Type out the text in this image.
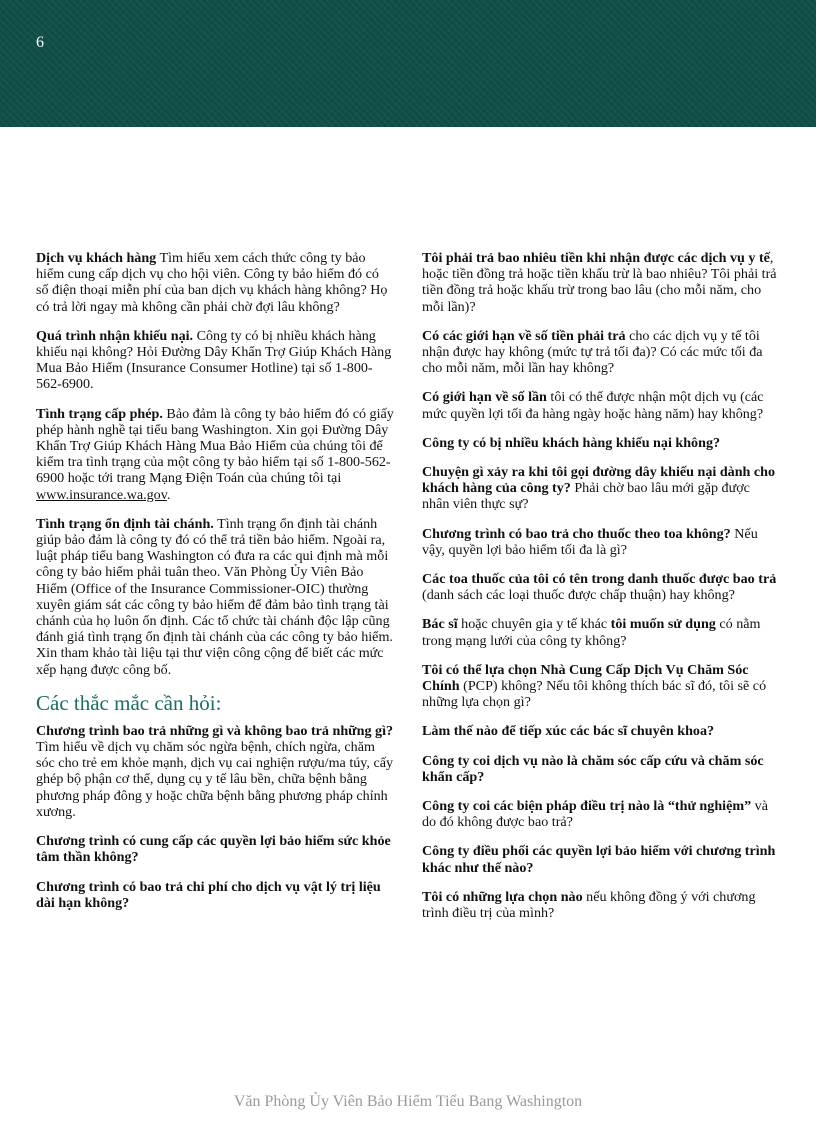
6

Dịch vụ khách hàng Tìm hiểu xem cách thức công ty bảo hiểm cung cấp dịch vụ cho hội viên. Công ty bảo hiểm đó có số điện thoại miễn phí của ban dịch vụ khách hàng không? Họ có trả lời ngay mà không cần phải chờ đợi lâu không?

Quá trình nhận khiếu nại. Công ty có bị nhiều khách hàng khiếu nại không? Hỏi Đường Dây Khẩn Trợ Giúp Khách Hàng Mua Bảo Hiểm (Insurance Consumer Hotline) tại số 1-800-562-6900.

Tình trạng cấp phép. Bảo đảm là công ty bảo hiểm đó có giấy phép hành nghề tại tiểu bang Washington. Xin gọi Đường Dây Khẩn Trợ Giúp Khách Hàng Mua Bảo Hiểm của chúng tôi để kiểm tra tình trạng của một công ty bảo hiểm tại số 1-800-562-6900 hoặc tới trang Mạng Điện Toán của chúng tôi tại www.insurance.wa.gov.

Tình trạng ổn định tài chánh. Tình trạng ổn định tài chánh giúp bảo đảm là công ty đó có thể trả tiền bảo hiểm. Ngoài ra, luật pháp tiểu bang Washington có đưa ra các qui định mà mỗi công ty bảo hiểm phải tuân theo. Văn Phòng Ủy Viên Bảo Hiểm (Office of the Insurance Commissioner-OIC) thường xuyên giám sát các công ty bảo hiểm để đảm bảo tình trạng tài chánh của họ luôn ổn định. Các tổ chức tài chánh độc lập cũng đánh giá tình trạng ổn định tài chánh của các công ty bảo hiểm. Xin tham khảo tài liệu tại thư viện công cộng để biết các mức xếp hạng được công bố.

Các thắc mắc cần hỏi:

Chương trình bao trả những gì và không bao trả những gì? Tìm hiểu về dịch vụ chăm sóc ngừa bệnh, chích ngừa, chăm sóc cho trẻ em khỏe mạnh, dịch vụ cai nghiện rượu/ma túy, cấy ghép bộ phận cơ thể, dụng cụ y tế lâu bền, chữa bệnh bằng phương pháp đông y hoặc chữa bệnh bằng phương pháp chỉnh xương.

Chương trình có cung cấp các quyền lợi bảo hiểm sức khỏe tâm thần không?

Chương trình có bao trả chi phí cho dịch vụ vật lý trị liệu dài hạn không?

Tôi phải trả bao nhiêu tiền khi nhận được các dịch vụ y tế, hoặc tiền đồng trả hoặc tiền khấu trừ là bao nhiêu? Tôi phải trả tiền đồng trả hoặc khấu trừ trong bao lâu (cho mỗi năm, cho mỗi lần)?

Có các giới hạn về số tiền phải trả cho các dịch vụ y tế tôi nhận được hay không (mức tự trả tối đa)? Có các mức tối đa cho mỗi năm, mỗi lần hay không?

Có giới hạn về số lần tôi có thể được nhận một dịch vụ (các mức quyền lợi tối đa hàng ngày hoặc hàng năm) hay không?

Công ty có bị nhiều khách hàng khiếu nại không?

Chuyện gì xảy ra khi tôi gọi đường dây khiếu nại dành cho khách hàng của công ty? Phải chờ bao lâu mới gặp được nhân viên thực sự?

Chương trình có bao trả cho thuốc theo toa không? Nếu vậy, quyền lợi bảo hiểm tối đa là gì?

Các toa thuốc của tôi có tên trong danh thuốc được bao trả (danh sách các loại thuốc được chấp thuận) hay không?

Bác sĩ hoặc chuyên gia y tế khác tôi muốn sử dụng có nằm trong mạng lưới của công ty không?

Tôi có thể lựa chọn Nhà Cung Cấp Dịch Vụ Chăm Sóc Chính (PCP) không? Nếu tôi không thích bác sĩ đó, tôi sẽ có những lựa chọn gì?

Làm thế nào để tiếp xúc các bác sĩ chuyên khoa?

Công ty coi dịch vụ nào là chăm sóc cấp cứu và chăm sóc khẩn cấp?

Công ty coi các biện pháp điều trị nào là “thử nghiệm” và do đó không được bao trả?

Công ty điều phối các quyền lợi bảo hiểm với chương trình khác như thế nào?

Tôi có những lựa chọn nào nếu không đồng ý với chương trình điều trị của mình?

Văn Phòng Ủy Viên Bảo Hiểm Tiểu Bang Washington
